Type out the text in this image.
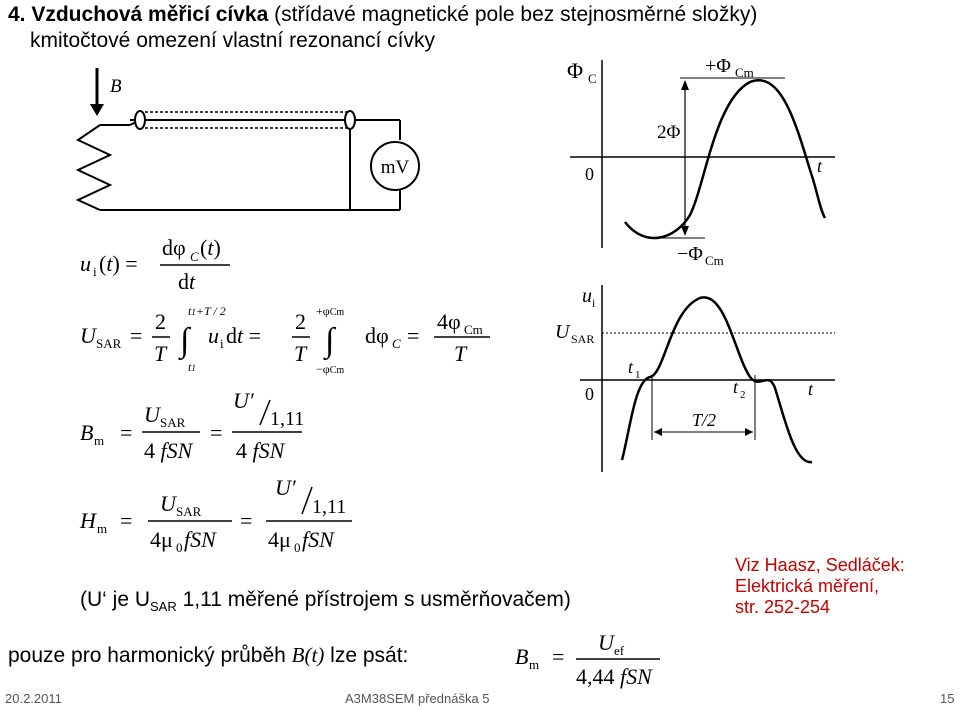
4. Vzduchová měřicí cívka (střídavé magnetické pole bez stejnosměrné složky)
kmitočtové omezení vlastní rezonancí cívky
B
mV
u i (t) =
dφ C (t)
dt
U SAR =
2
T ∫
t1+T / 2
t1
u i dt =
2
T ∫
+φCm
−φCm
dφ C =
4φ Cm
T
B m =
U SAR
4 fSN
=
U′
1,11
4 fSN
H m =
U SAR
4μ 0 fSN
=
U′
1,11
4μ 0 fSN
Φ C
0	t
+Φ Cm
−Φ Cm
2Φ
u i
U SAR
0	t
t 1
t 2
T/2
Viz Haasz, Sedláček:
Elektrická měření,
str. 252-254
(U‘ je $U_{SAR}$ 1,11 měřené přístrojem s usměrňovačem)
pouze pro harmonický průběh B(t) lze psát:	B m =
U ef
4,44 fSN
20.2.2011	A3M38SEM přednáška 5	15
